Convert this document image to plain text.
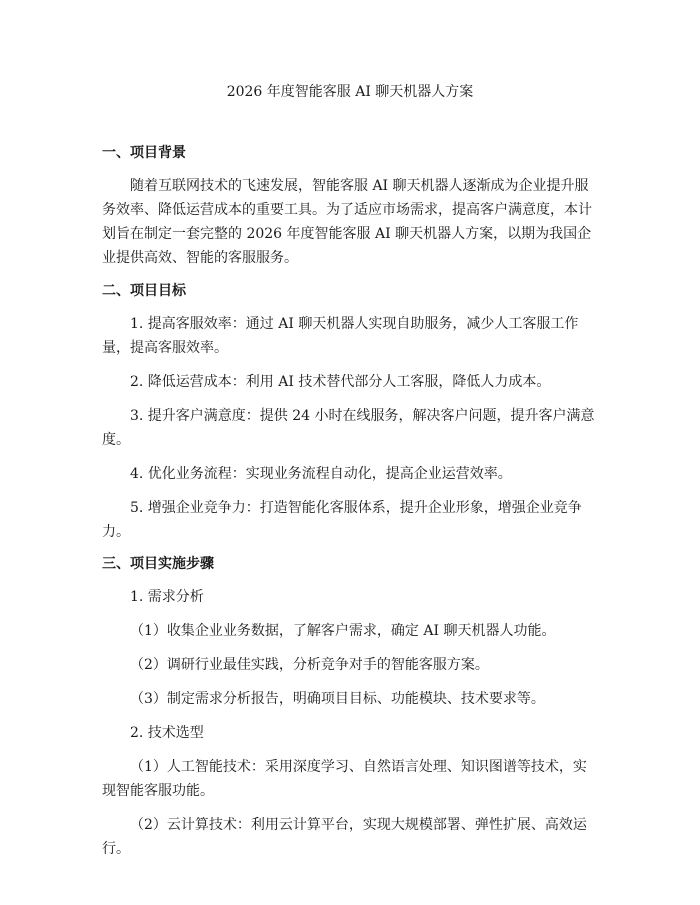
2026 年度智能客服 AI 聊天机器人方案
一、项目背景

随着互联网技术的飞速发展，智能客服 AI 聊天机器人逐渐成为企业提升服务效率、降低运营成本的重要工具。为了适应市场需求，提高客户满意度，本计划旨在制定一套完整的 2026 年度智能客服 AI 聊天机器人方案，以期为我国企业提供高效、智能的客服服务。

二、项目目标

1. 提高客服效率：通过 AI 聊天机器人实现自助服务，减少人工客服工作量，提高客服效率。

2. 降低运营成本：利用 AI 技术替代部分人工客服，降低人力成本。

3. 提升客户满意度：提供 24 小时在线服务，解决客户问题，提升客户满意度。

4. 优化业务流程：实现业务流程自动化，提高企业运营效率。

5. 增强企业竞争力：打造智能化客服体系，提升企业形象，增强企业竞争力。

三、项目实施步骤

1. 需求分析

（1）收集企业业务数据，了解客户需求，确定 AI 聊天机器人功能。

（2）调研行业最佳实践，分析竞争对手的智能客服方案。

（3）制定需求分析报告，明确项目目标、功能模块、技术要求等。

2. 技术选型

（1）人工智能技术：采用深度学习、自然语言处理、知识图谱等技术，实现智能客服功能。

（2）云计算技术：利用云计算平台，实现大规模部署、弹性扩展、高效运行。
